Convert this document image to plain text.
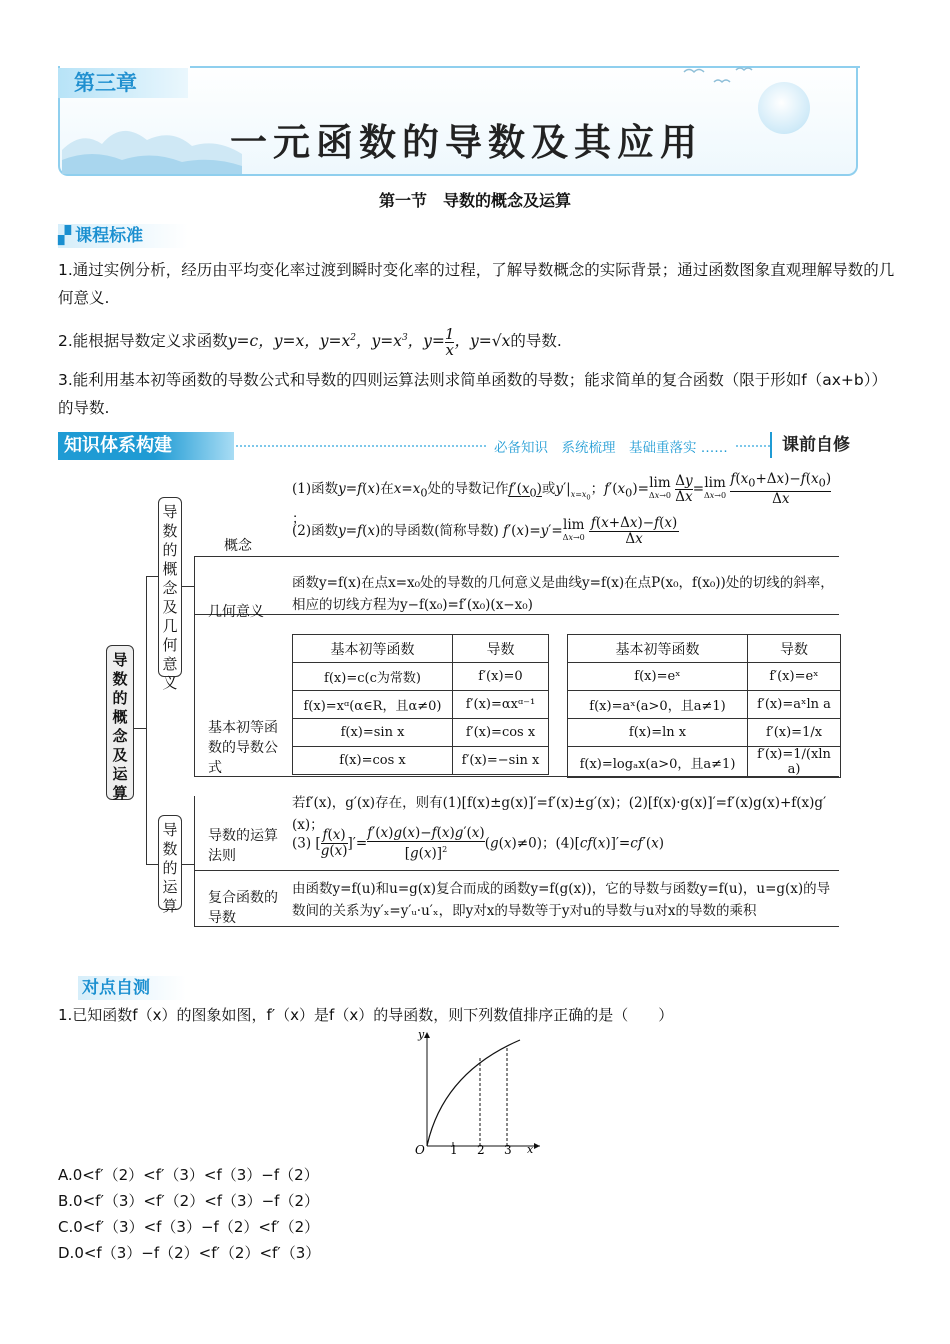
第三章
一元函数的导数及其应用
第一节　导数的概念及运算
▞ 课程标准
1.通过实例分析，经历由平均变化率过渡到瞬时变化率的过程，了解导数概念的实际背景；通过函数图象直观理解导数的几何意义.
2.能根据导数定义求函数y=c，y=x，$y=x^2$，$y=x^3$，$y= \frac{1}{x}$ ，y=√x的导数.
3.能利用基本初等函数的导数公式和导数的四则运算法则求简单函数的导数；能求简单的复合函数（限于形如f（ax+b））的导数.
知识体系构建	必备知识　系统梳理　基础重落实 ……	课前自修
导数的概念及运算
导数的概念及几何意义
概念
几何意义
基本初等函数的导数公式
(1)函数y=f(x)在$x=x_0$处的导数记作$f'(x_0)$或$y'|_{x=x_0}$；$f'(x_0)=\lim$
$\Delta x\to 0 \frac{\Delta y}{\Delta x} =\lim$
$\Delta x\to 0 \frac{f(x_0+\Delta x)-f(x_0)}{\Delta x}$
；
(2)函数y=f(x)的导函数(简称导数) f′(x)=y′=lim
$\Delta x\to 0 \frac{f(x+\Delta x)-f(x)}{\Delta x}$
函数y=f(x)在点x=x₀处的导数的几何意义是曲线y=f(x)在点P(x₀，f(x₀))处的切线的斜率，
相应的切线方程为y−f(x₀)=f′(x₀)(x−x₀)
基本初等函数	导数
f(x)=c(c为常数)	f′(x)=0
f(x)=xᵅ(α∈R，且α≠0)	f′(x)=αxᵅ⁻¹
f(x)=sin x	f′(x)=cos x
f(x)=cos x	f′(x)=−sin x
基本初等函数	导数
f(x)=eˣ	f′(x)=eˣ
f(x)=aˣ(a>0，且a≠1)	f′(x)=aˣln a
f(x)=ln x	f′(x)=1/x
f(x)=logₐx(a>0，且a≠1)	f′(x)=1/(xln a)
导数的运算
导数的运算法则
复合函数的导数
若f′(x)，g′(x)存在，则有(1)[f(x)±g(x)]′=f′(x)±g′(x)；(2)[f(x)·g(x)]′=f′(x)g(x)+f(x)g′(x)；
(3) [ $\frac{f(x)}{g(x)}$ ]′= $\frac{f'(x)g(x)-f(x)g'(x)}{[g(x)]^2} (g(x)\ne 0)$；(4)[cf(x)]′=cf′(x)
由函数y=f(u)和u=g(x)复合而成的函数y=f(g(x))，它的导数与函数y=f(u)，u=g(x)的导
数间的关系为y′ₓ=y′ᵤ·u′ₓ，即y对x的导数等于y对u的导数与u对x的导数的乘积
对点自测
1.已知函数f（x）的图象如图，f′（x）是f（x）的导函数，则下列数值排序正确的是（　　）
y
x
O 1 2 3
A.0<f′（2）<f′（3）<f（3）−f（2）
B.0<f′（3）<f′（2）<f（3）−f（2）
C.0<f′（3）<f（3）−f（2）<f′（2）
D.0<f（3）−f（2）<f′（2）<f′（3）
